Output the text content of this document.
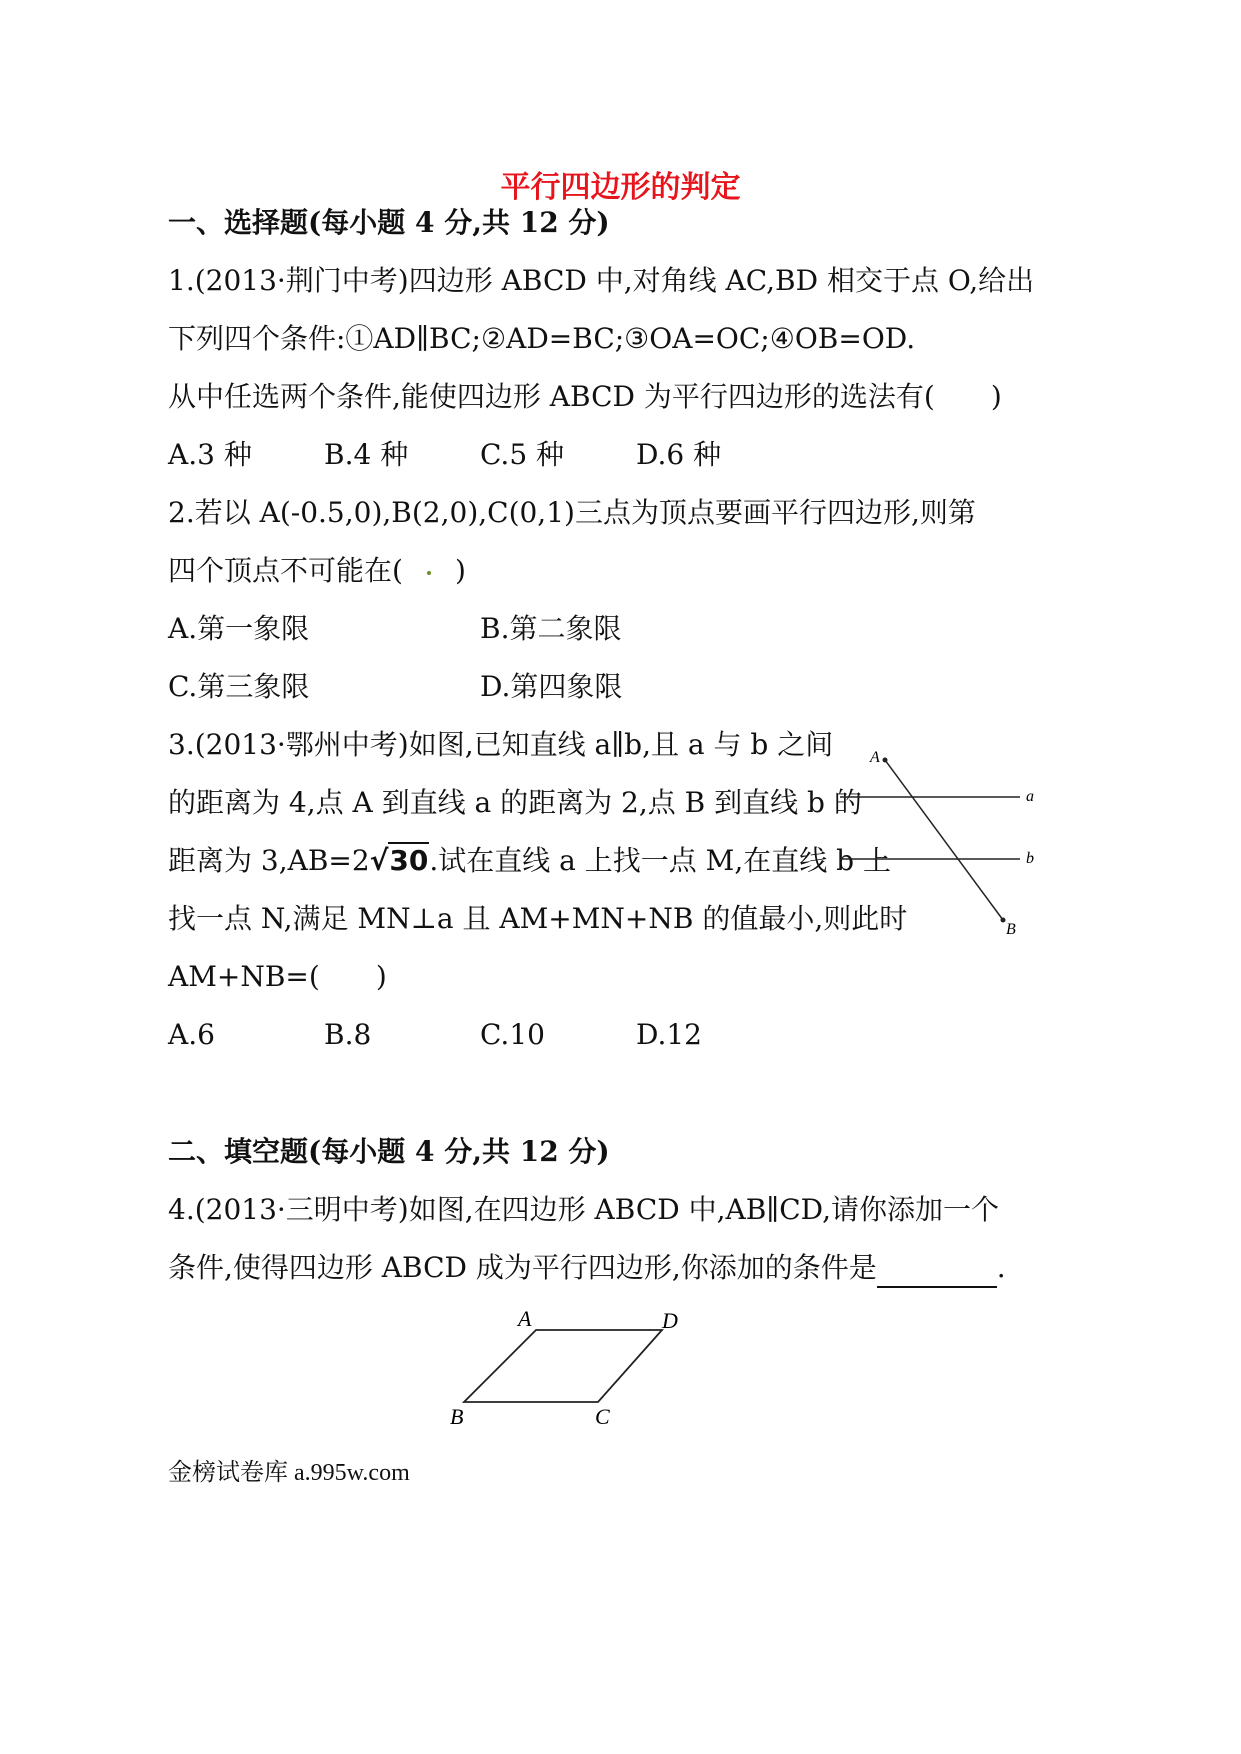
平行四边形的判定
一、选择题(每小题 4 分,共 12 分)
1.(2013·荆门中考)四边形 ABCD 中,对角线 AC,BD 相交于点 O,给出
下列四个条件:①AD∥BC;②AD=BC;③OA=OC;④OB=OD.
从中任选两个条件,能使四边形 ABCD 为平行四边形的选法有(　　)
A.3 种	B.4 种	C.5 种	D.6 种
2.若以 A(-0.5,0),B(2,0),C(0,1)三点为顶点要画平行四边形,则第
四个顶点不可能在( )
A.第一象限	B.第二象限
C.第三象限	D.第四象限
3.(2013·鄂州中考)如图,已知直线 a∥b,且 a 与 b 之间
的距离为 4,点 A 到直线 a 的距离为 2,点 B 到直线 b 的
距离为 3,AB=2√30.试在直线 a 上找一点 M,在直线 b 上
找一点 N,满足 MN⊥a 且 AM+MN+NB 的值最小,则此时
AM+NB=(　　)
A.6	B.8	C.10	D.12
A
B
a
b
二、填空题(每小题 4 分,共 12 分)
4.(2013·三明中考)如图,在四边形 ABCD 中,AB∥CD,请你添加一个
条件,使得四边形 ABCD 成为平行四边形,你添加的条件是	.
A	D
B	C
金榜试卷库 a.995w.com
